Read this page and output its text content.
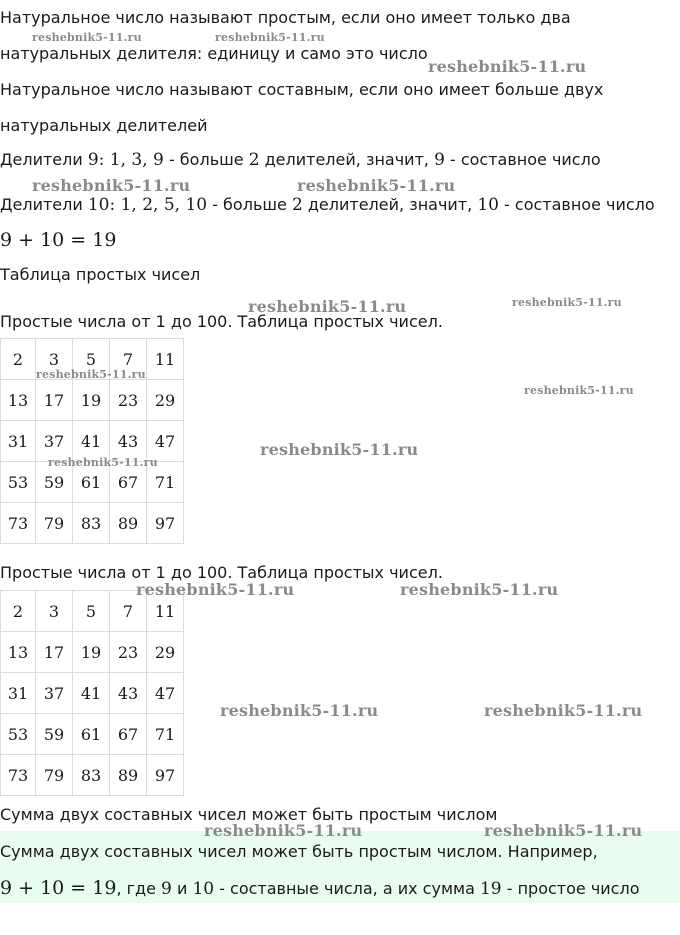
Натуральное число называют простым, если оно имеет только два

натуральных делителя: единицу и само это число

Натуральное число называют составным, если оно имеет больше двух

натуральных делителей

Делители 9: 1, 3, 9 - больше 2 делителей, значит, 9 - составное число

Делители 10: 1, 2, 5, 10 - больше 2 делителей, значит, 10 - составное число

9 + 10 = 19

Таблица простых чисел

Простые числа от 1 до 100. Таблица простых чисел.

2	3	5	7	11
13	17	19	23	29
31	37	41	43	47
53	59	61	67	71
73	79	83	89	97

Простые числа от 1 до 100. Таблица простых чисел.

2	3	5	7	11
13	17	19	23	29
31	37	41	43	47
53	59	61	67	71
73	79	83	89	97

Сумма двух составных чисел может быть простым числом

Сумма двух составных чисел может быть простым числом. Например,

9 + 10 = 19, где 9 и 10 - составные числа, а их сумма 19 - простое число

reshebnik5-11.ru	reshebnik5-11.ru
reshebnik5-11.ru
reshebnik5-11.ru	reshebnik5-11.ru
reshebnik5-11.ru	reshebnik5-11.ru
reshebnik5-11.ru
reshebnik5-11.ru
reshebnik5-11.ru
reshebnik5-11.ru
reshebnik5-11.ru	reshebnik5-11.ru
reshebnik5-11.ru	reshebnik5-11.ru
reshebnik5-11.ru	reshebnik5-11.ru
